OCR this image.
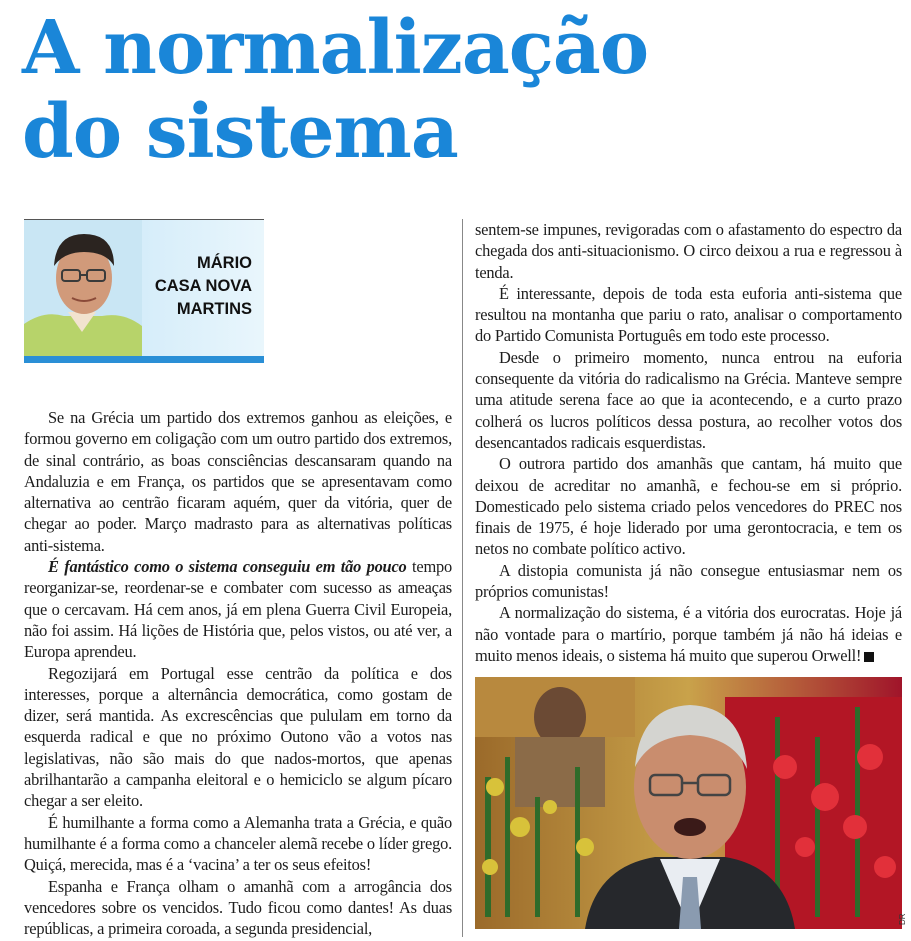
A normalização
do sistema
MÁRIO
CASA NOVA
MARTINS

Se na Grécia um partido dos extremos ganhou as eleições, e formou governo em coligação com um outro partido dos extremos, de sinal contrário, as boas consciências descansaram quando na Andaluzia e em França, os partidos que se apresentavam como alternativa ao centrão ficaram aquém, quer da vitória, quer de chegar ao poder. Março madrasto para as alternativas políticas anti-sistema.

É fantástico como o sistema conseguiu em tão pouco tempo reorganizar-se, reordenar-se e combater com sucesso as ameaças que o cercavam. Há cem anos, já em plena Guerra Civil Europeia, não foi assim. Há lições de História que, pelos vistos, ou até ver, a Europa aprendeu.

Regozijará em Portugal esse centrão da política e dos interesses, porque a alternância democrática, como gostam de dizer, será mantida. As excrescências que pululam em torno da esquerda radical e que no próximo Outono vão a votos nas legislativas, não são mais do que nados-mortos, que apenas abrilhantarão a campanha eleitoral e o hemiciclo se algum pícaro chegar a ser eleito.

É humilhante a forma como a Alemanha trata a Grécia, e quão humilhante é a forma como a chanceler alemã recebe o líder grego. Quiçá, merecida, mas é a ‘vacina’ a ter os seus efeitos!

Espanha e França olham o amanhã com a arrogância dos vencedores sobre os vencidos. Tudo ficou como dantes! As duas repúblicas, a primeira coroada, a segunda presidencial,

sentem-se impunes, revigoradas com o afastamento do espectro da chegada dos anti-situacionismo. O circo deixou a rua e regressou à tenda.

É interessante, depois de toda esta euforia anti-sistema que resultou na montanha que pariu o rato, analisar o comportamento do Partido Comunista Português em todo este processo.

Desde o primeiro momento, nunca entrou na euforia consequente da vitória do radicalismo na Grécia. Manteve sempre uma atitude serena face ao que ia acontecendo, e a curto prazo colherá os lucros políticos dessa postura, ao recolher votos dos desencantados radicais esquerdistas.

O outrora partido dos amanhãs que cantam, há muito que deixou de acreditar no amanhã, e fechou-se em si próprio. Domesticado pelo sistema criado pelos vencedores do PREC nos finais de 1975, é hoje liderado por uma gerontocracia, e tem os netos no combate político activo.

A distopia comunista já não consegue entusiasmar nem os próprios comunistas!

A normalização do sistema, é a vitória dos eurocratas. Hoje já não vontade para o martírio, porque também já não há ideias e muito menos ideais, o sistema há muito que superou Orwell!

DR
